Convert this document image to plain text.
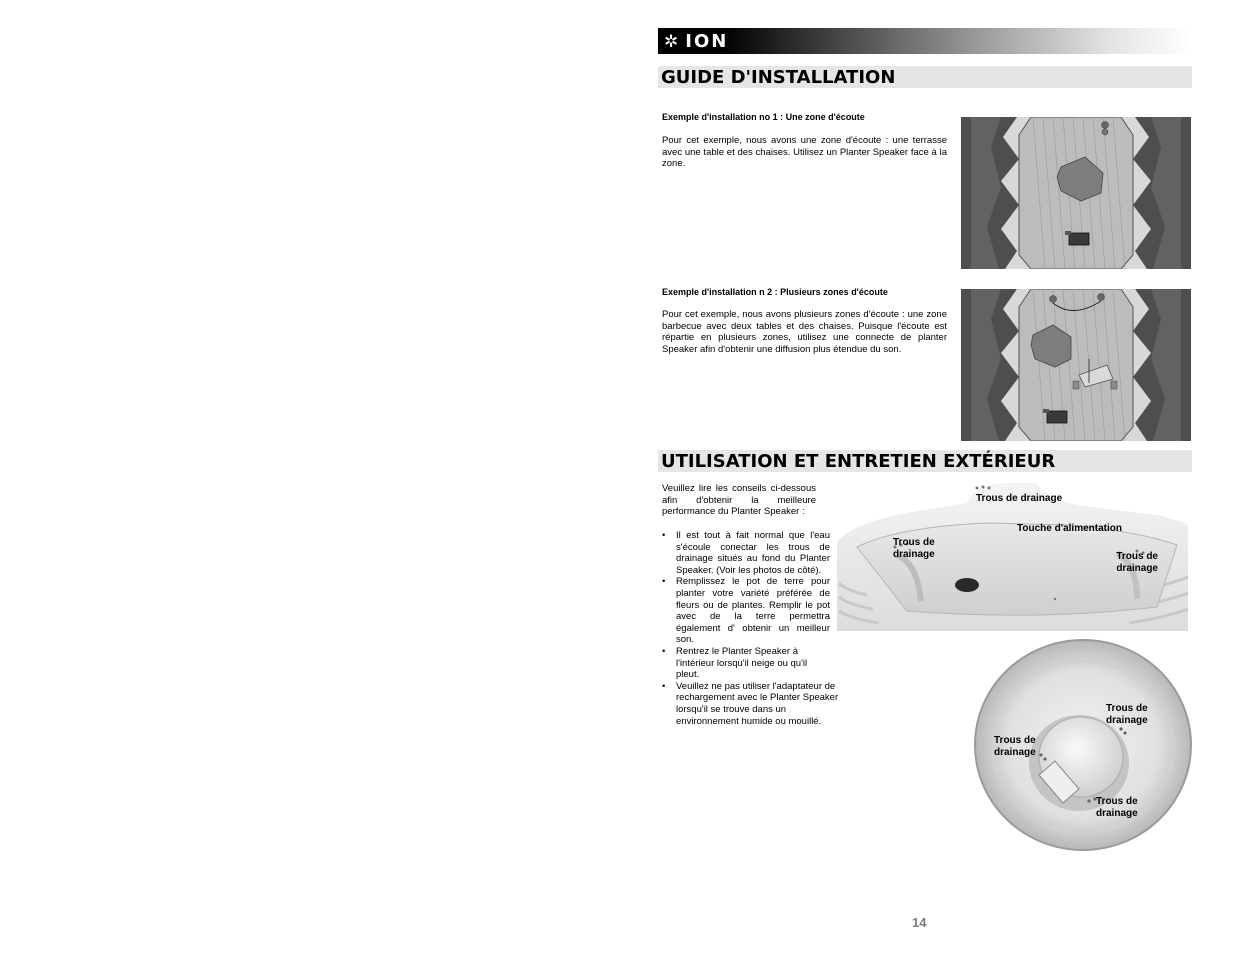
✲ ION
GUIDE D'INSTALLATION
Exemple d'installation no 1 : Une zone d'écoute
Pour cet exemple, nous avons une zone d'écoute : une terrasse avec une table et des chaises. Utilisez un Planter Speaker face à la zone.
Exemple d'installation n 2 : Plusieurs zones d'écoute
Pour cet exemple, nous avons plusieurs zones d'écoute : une zone barbecue avec deux tables et des chaises. Puisque l'écoute est répartie en plusieurs zones, utilisez une connecte de planter Speaker afin d'obtenir une diffusion plus étendue du son.
UTILISATION ET ENTRETIEN EXTÉRIEUR
Veuillez lire les conseils ci-dessous afin d'obtenir la meilleure performance du Planter Speaker :
• Il est tout à fait normal que l'eau s'écoule conectar les trous de drainage situés au fond du Planter Speaker. (Voir les photos de côté).
• Remplissez le pot de terre pour planter votre variété préférée de fleurs ou de plantes. Remplir le pot avec de la terre permettra également d' obtenir un meilleur son.
• Rentrez le Planter Speaker à l'intérieur lorsqu'il neige ou qu'il pleut.
• Veuillez ne pas utiliser l'adaptateur de rechargement avec le Planter Speaker lorsqu'il se trouve dans un environnement humide ou mouillé.
Trous de drainage
Touche d'alimentation
Trous de drainage	Trous de drainage
Trous de drainage
Trous de drainage
Trous de drainage
14
